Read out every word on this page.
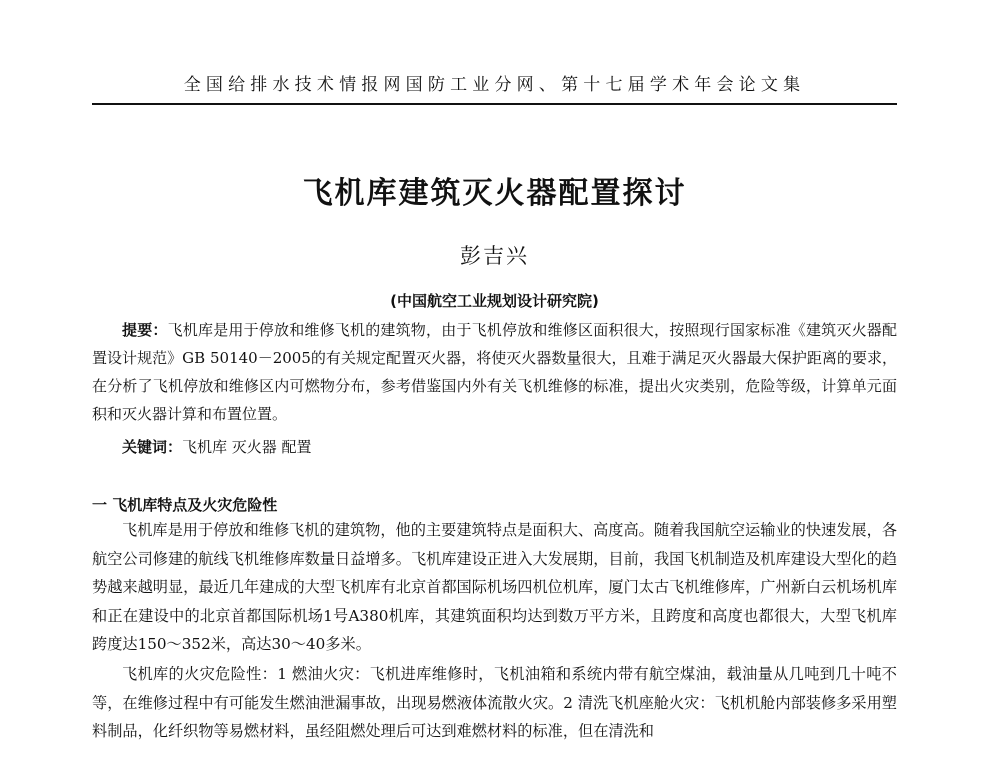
全国给排水技术情报网国防工业分网、第十七届学术年会论文集
飞机库建筑灭火器配置探讨
彭吉兴
(中国航空工业规划设计研究院)

提要：飞机库是用于停放和维修飞机的建筑物，由于飞机停放和维修区面积很大，按照现行国家标准《建筑灭火器配置设计规范》GB 50140－2005的有关规定配置灭火器，将使灭火器数量很大，且难于满足灭火器最大保护距离的要求，在分析了飞机停放和维修区内可燃物分布，参考借鉴国内外有关飞机维修的标准，提出火灾类别，危险等级，计算单元面积和灭火器计算和布置位置。

关键词：飞机库 灭火器 配置
一 飞机库特点及火灾危险性

飞机库是用于停放和维修飞机的建筑物，他的主要建筑特点是面积大、高度高。随着我国航空运输业的快速发展，各航空公司修建的航线飞机维修库数量日益增多。飞机库建设正进入大发展期，目前，我国飞机制造及机库建设大型化的趋势越来越明显，最近几年建成的大型飞机库有北京首都国际机场四机位机库，厦门太古飞机维修库，广州新白云机场机库和正在建设中的北京首都国际机场1号A380机库，其建筑面积均达到数万平方米，且跨度和高度也都很大，大型飞机库跨度达150～352米，高达30～40多米。

飞机库的火灾危险性：1 燃油火灾：飞机进库维修时，飞机油箱和系统内带有航空煤油，载油量从几吨到几十吨不等，在维修过程中有可能发生燃油泄漏事故，出现易燃液体流散火灾。2 清洗飞机座舱火灾：飞机机舱内部装修多采用塑料制品，化纤织物等易燃材料，虽经阻燃处理后可达到难燃材料的标准，但在清洗和
